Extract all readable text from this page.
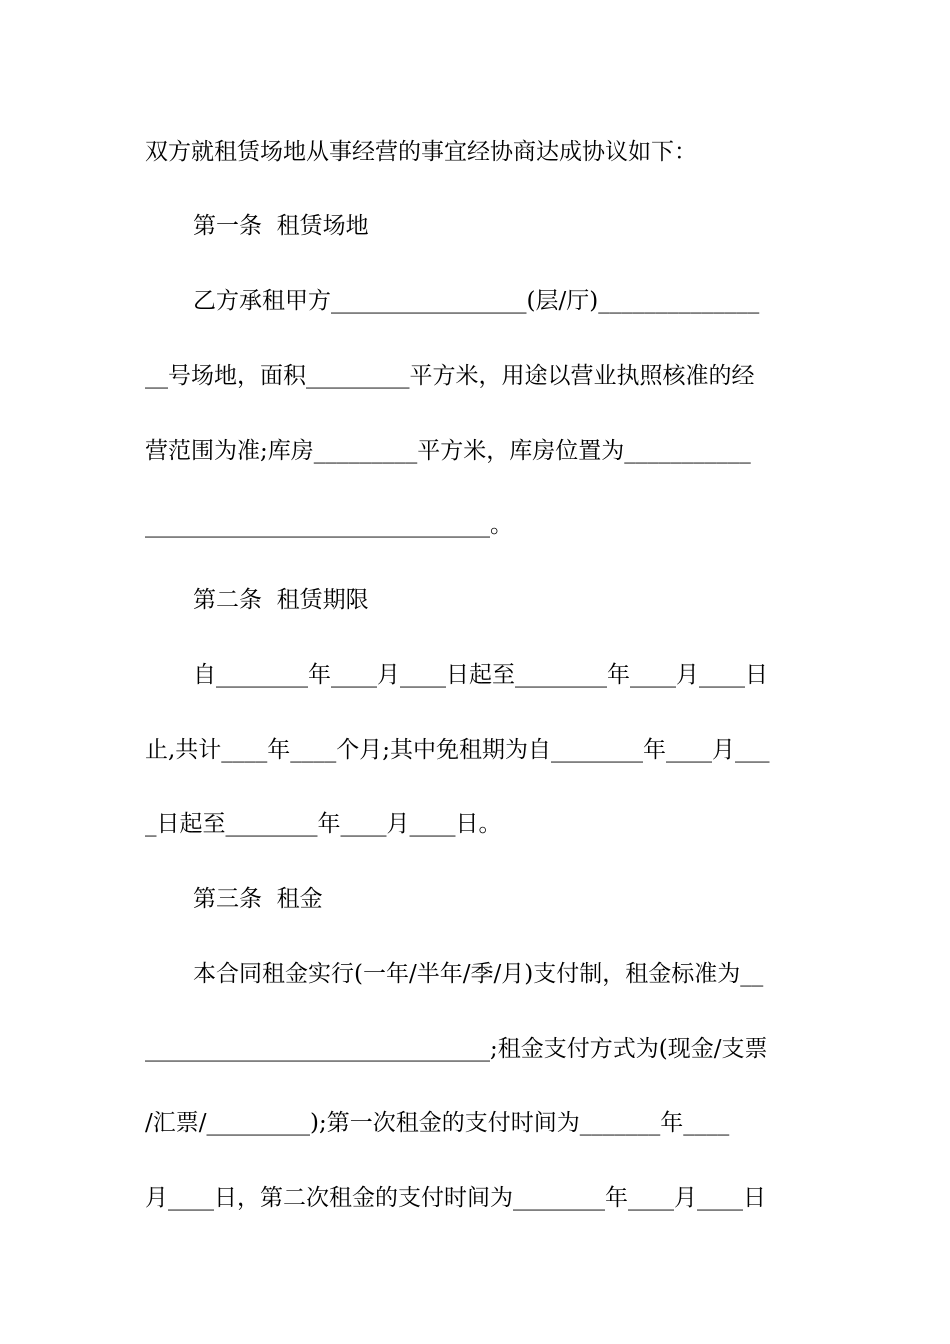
双方就租赁场地从事经营的事宜经协商达成协议如下：
第一条  租赁场地
乙方承租甲方_________________(层/厅)______________
__号场地，面积_________平方米，用途以营业执照核准的经
营范围为准;库房_________平方米，库房位置为___________
______________________________。
第二条  租赁期限
自________年____月____日起至________年____月____日
止,共计____年____个月;其中免租期为自________年____月___
_日起至________年____月____日。
第三条  租金
本合同租金实行(一年/半年/季/月)支付制，租金标准为__
______________________________;租金支付方式为(现金/支票
/汇票/_________);第一次租金的支付时间为_______年____
月____日，第二次租金的支付时间为________年____月____日
